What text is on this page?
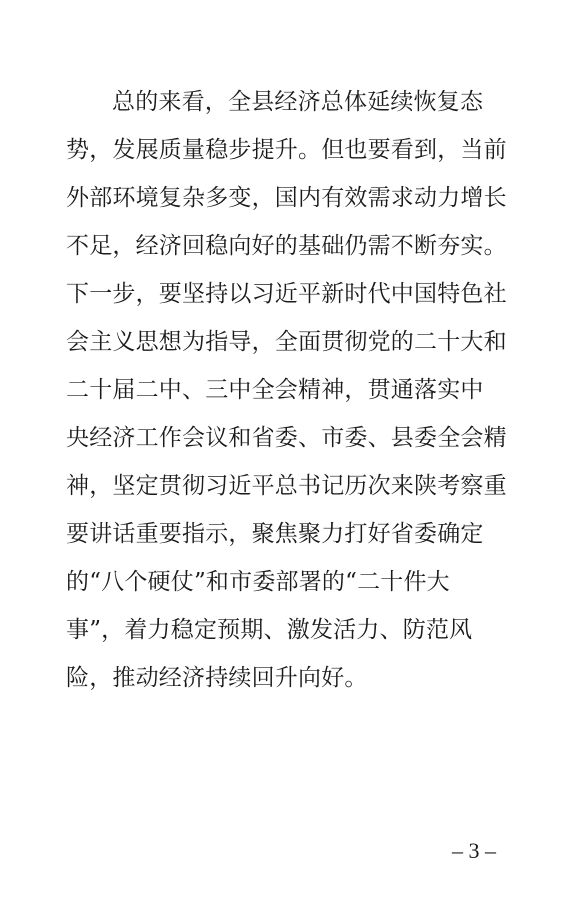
总的来看，全县经济总体延续恢复态
势，发展质量稳步提升。但也要看到，当前
外部环境复杂多变，国内有效需求动力增长
不足，经济回稳向好的基础仍需不断夯实。
下一步，要坚持以习近平新时代中国特色社
会主义思想为指导，全面贯彻党的二十大和
二十届二中、三中全会精神，贯通落实中
央经济工作会议和省委、市委、县委全会精
神，坚定贯彻习近平总书记历次来陕考察重
要讲话重要指示，聚焦聚力打好省委确定
的“八个硬仗”和市委部署的“二十件大
事”，着力稳定预期、激发活力、防范风
险，推动经济持续回升向好。
– 3 –
